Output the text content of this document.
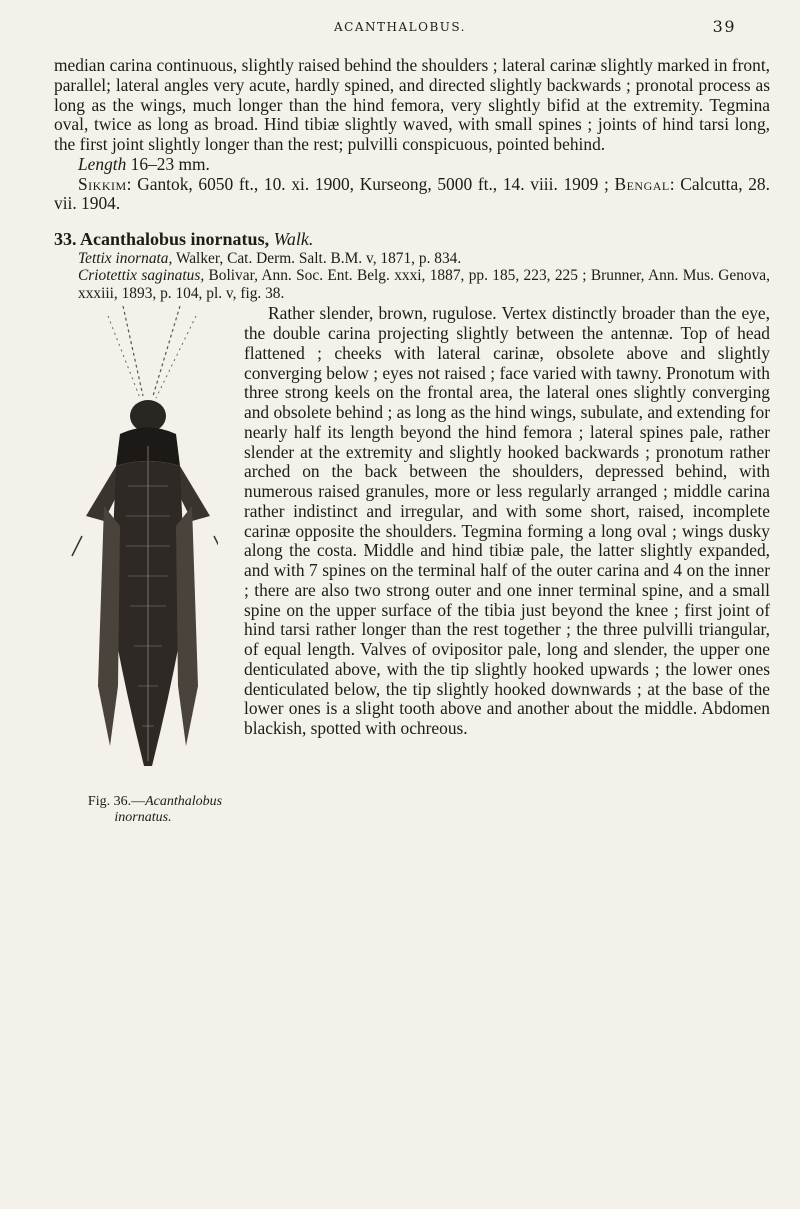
ACANTHALOBUS.	39

median carina continuous, slightly raised behind the shoulders ; lateral carinæ slightly marked in front, parallel; lateral angles very acute, hardly spined, and directed slightly backwards ; pronotal process as long as the wings, much longer than the hind femora, very slightly bifid at the extremity. Tegmina oval, twice as long as broad. Hind tibiæ slightly waved, with small spines ; joints of hind tarsi long, the first joint slightly longer than the rest; pulvilli conspicuous, pointed behind.

Length 16–23 mm.

Sikkim: Gantok, 6050 ft., 10. xi. 1900, Kurseong, 5000 ft., 14. viii. 1909 ; Bengal: Calcutta, 28. vii. 1904.

33. Acanthalobus inornatus, Walk.

Tettix inornata, Walker, Cat. Derm. Salt. B.M. v, 1871, p. 834.

Criotettix saginatus, Bolivar, Ann. Soc. Ent. Belg. xxxi, 1887, pp. 185, 223, 225 ; Brunner, Ann. Mus. Genova, xxxiii, 1893, p. 104, pl. v, fig. 38.

Fig. 36.—Acanthalobus inornatus.
Rather slender, brown, rugulose. Vertex distinctly broader than the eye, the double carina projecting slightly between the antennæ. Top of head flattened ; cheeks with lateral carinæ, obsolete above and slightly converging below ; eyes not raised ; face varied with tawny. Pronotum with three strong keels on the frontal area, the lateral ones slightly converging and obsolete behind ; as long as the hind wings, subulate, and extending for nearly half its length beyond the hind femora ; lateral spines pale, rather slender at the extremity and slightly hooked backwards ; pronotum rather arched on the back between the shoulders, depressed behind, with numerous raised granules, more or less regularly arranged ; middle carina rather indistinct and irregular, and with some short, raised, incomplete carinæ opposite the shoulders. Tegmina forming a long oval ; wings dusky along the costa. Middle and hind tibiæ pale, the latter slightly expanded, and with 7 spines on the terminal half of the outer carina and 4 on the inner ; there are also two strong outer and one inner terminal spine, and a small spine on the upper surface of the tibia just beyond the knee ; first joint of hind tarsi rather longer than the rest together ; the three pulvilli triangular, of equal length. Valves of ovipositor pale, long and slender, the upper one denticulated above, with the tip slightly hooked upwards ; the lower ones denticulated below, the tip slightly hooked downwards ; at the base of the lower ones is a slight tooth above and another about the middle. Abdomen blackish, spotted with ochreous.
